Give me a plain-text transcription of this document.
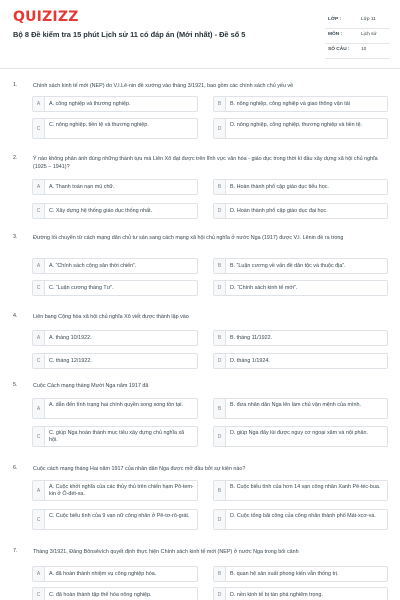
QUIZIZZ
Bộ 8 Đề kiểm tra 15 phút Lịch sử 11 có đáp án (Mới nhất) - Đề số 5
LỚP :	Lớp 11
MÔN :	Lịch sử
SỐ CÂU : 10
1.	Chính sách kinh tế mới (NEP) do V.I.Lê-nin đề xướng vào tháng 3/1921, bao gồm các chính sách chủ yếu về
A	A. công nghiệp và thương nghiệp.	B	B. nông nghiệp, công nghiệp và giao thông vận tải
C
C. nông nghiệp, tiền tệ và thương nghiệp.
D
D. nông nghiệp, công nghiệp, thương nghiệp và tiền tệ.
2.	Ý nào không phản ánh đúng những thành tựu mà Liên Xô đạt được trên lĩnh vực văn hóa - giáo dục trong thời kì đầu xây dựng xã hội chủ nghĩa (1925 – 1941)?
A	A. Thanh toán nạn mù chữ.	B	B. Hoàn thành phổ cập giáo dục tiểu học.
C	C. Xây dựng hệ thống giáo dục thống nhất.	D	D. Hoàn thành phổ cập giáo dục đại học.
3.	Đường lối chuyển từ cách mạng dân chủ tư sản sang cách mạng xã hội chủ nghĩa ở nước Nga (1917) được V.I. Lênin đề ra trong
A	A. “Chính sách cộng sản thời chiến”.	B	B. “Luận cương về vấn đề dân tộc và thuộc địa”.
C	C. “Luận cương tháng Tư”.	D	D. “Chính sách kinh tế mới”.
4.	Liên bang Cộng hòa xã hội chủ nghĩa Xô viết được thành lập vào
A	A. tháng 10/1922.	B	B. tháng 11/1922.
C	C. tháng 12/1922.	D	D. tháng 1/1924.
5.	Cuộc Cách mạng tháng Mười Nga năm 1917 đã
A
A. dẫn đến tình trạng hai chính quyền song song tồn tại.
B
B. đưa nhân dân Nga lên làm chủ vận mệnh của mình.
C
C. giúp Nga hoàn thành mục tiêu xây dựng chủ nghĩa xã hội.
D
D. giúp Nga đẩy lùi được nguy cơ ngoại xâm và nội phản.
6.	Cuộc cách mạng tháng Hai năm 1917 của nhân dân Nga được mở đầu bởi sự kiện nào?
A
A. Cuộc khởi nghĩa của các thủy thủ trên chiến hạm Pô-tem-kin ở Ô-đét-xa.
B
B. Cuộc biểu tình của hơn 14 vạn công nhân Xanh Pê-téc-bua.
C
C. Cuộc biểu tình của 9 vạn nữ công nhân ở Pê-tơ-rô-grát.
D
D. Cuộc tổng bãi công của công nhân thành phố Mát-xcơ-va.
7.	Tháng 3/1921, Đảng Bônsêvích quyết định thực hiện Chính sách kinh tế mới (NEP) ở nước Nga trong bối cảnh
A	A. đã hoàn thành nhiệm vụ công nghiệp hóa.	B	B. quan hệ sản xuất phong kiến vẫn thống trị.
C	C. đã hoàn thành tập thể hóa nông nghiệp.	D	D. nền kinh tế bị tàn phá nghiêm trọng.
